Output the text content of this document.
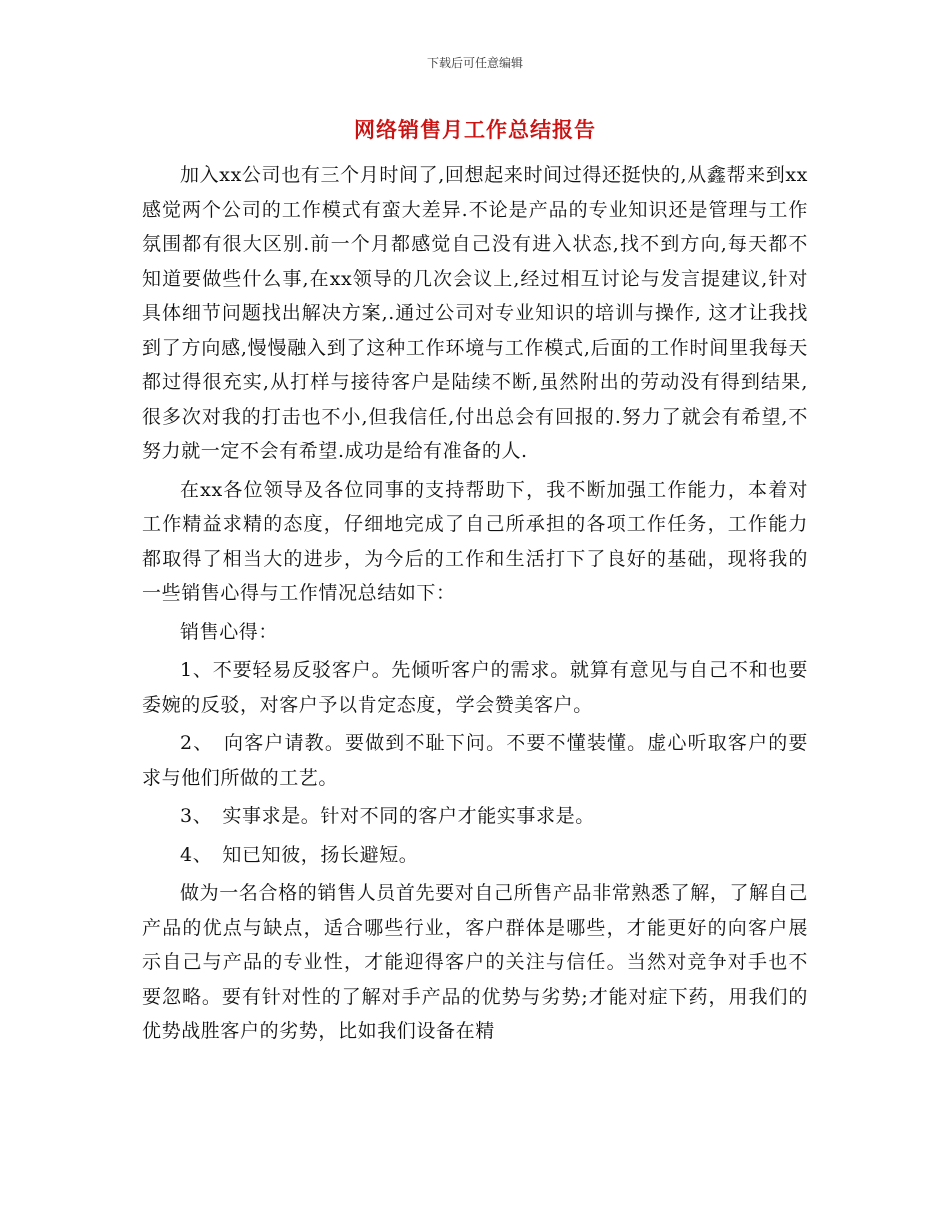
下载后可任意编辑
网络销售月工作总结报告

加入xx公司也有三个月时间了,回想起来时间过得还挺快的,从鑫帮来到xx感觉两个公司的工作模式有蛮大差异.不论是产品的专业知识还是管理与工作氛围都有很大区别.前一个月都感觉自己没有进入状态,找不到方向,每天都不知道要做些什么事,在xx领导的几次会议上,经过相互讨论与发言提建议,针对具体细节问题找出解决方案,.通过公司对专业知识的培训与操作, 这才让我找到了方向感,慢慢融入到了这种工作环境与工作模式,后面的工作时间里我每天都过得很充实,从打样与接待客户是陆续不断,虽然附出的劳动没有得到结果,很多次对我的打击也不小,但我信任,付出总会有回报的.努力了就会有希望,不努力就一定不会有希望.成功是给有准备的人.

在xx各位领导及各位同事的支持帮助下，我不断加强工作能力，本着对工作精益求精的态度，仔细地完成了自己所承担的各项工作任务，工作能力都取得了相当大的进步，为今后的工作和生活打下了良好的基础，现将我的一些销售心得与工作情况总结如下：

销售心得：

1、不要轻易反驳客户。先倾听客户的需求。就算有意见与自己不和也要委婉的反驳，对客户予以肯定态度，学会赞美客户。

2、　向客户请教。要做到不耻下问。不要不懂装懂。虚心听取客户的要求与他们所做的工艺。

3、　实事求是。针对不同的客户才能实事求是。

4、　知已知彼，扬长避短。

做为一名合格的销售人员首先要对自己所售产品非常熟悉了解，了解自己产品的优点与缺点，适合哪些行业，客户群体是哪些，才能更好的向客户展示自己与产品的专业性，才能迎得客户的关注与信任。当然对竞争对手也不要忽略。要有针对性的了解对手产品的优势与劣势;才能对症下药，用我们的优势战胜客户的劣势，比如我们设备在精
